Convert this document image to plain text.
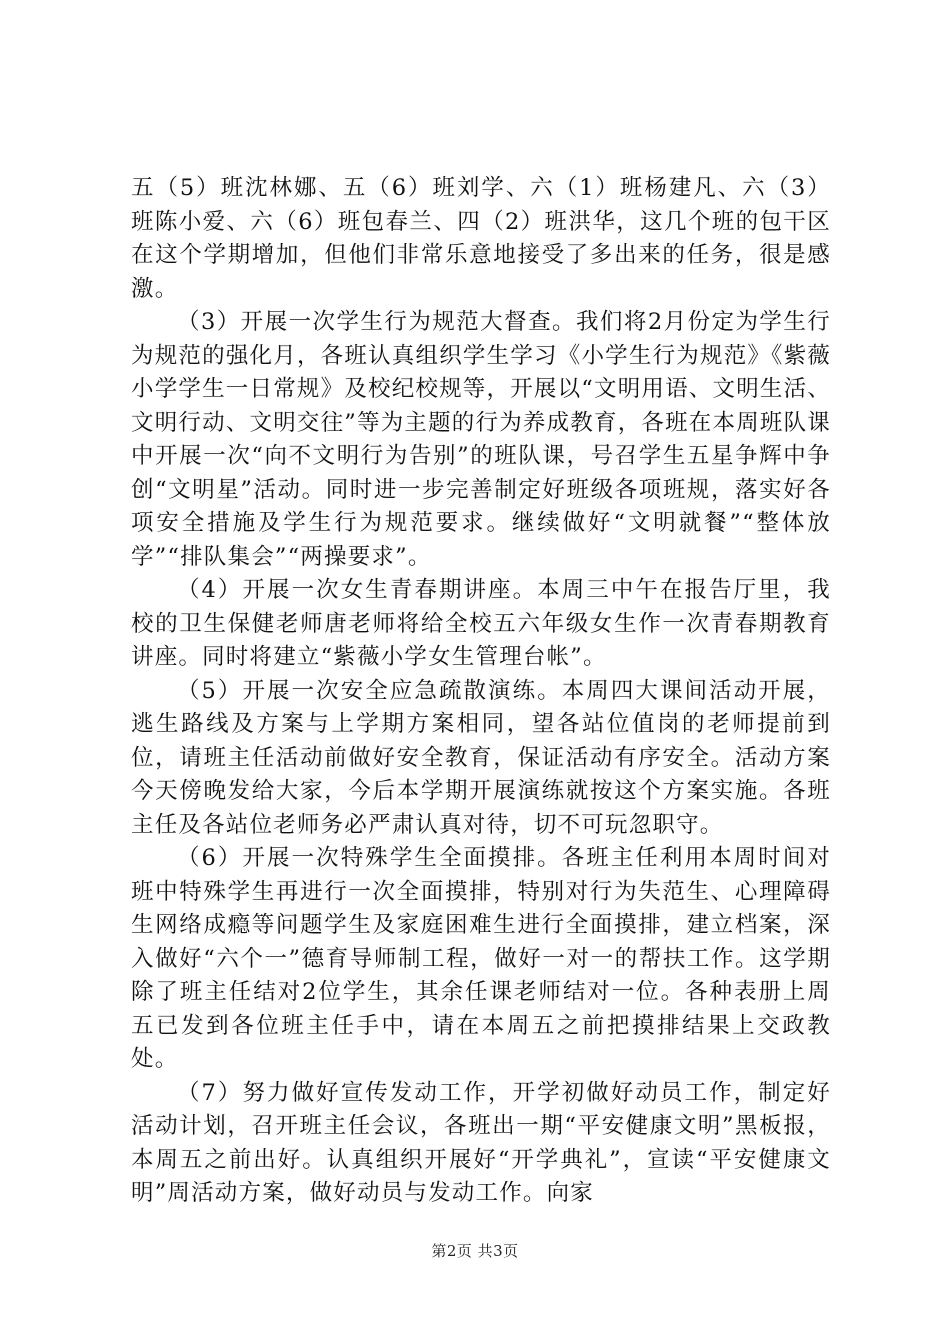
五（5）班沈林娜、五（6）班刘学、六（1）班杨建凡、六（3）班陈小爱、六（6）班包春兰、四（2）班洪华，这几个班的包干区在这个学期增加，但他们非常乐意地接受了多出来的任务，很是感激。

（3）开展一次学生行为规范大督查。我们将2月份定为学生行为规范的强化月，各班认真组织学生学习《小学生行为规范》《紫薇小学学生一日常规》及校纪校规等，开展以“文明用语、文明生活、文明行动、文明交往”等为主题的行为养成教育，各班在本周班队课中开展一次“向不文明行为告别”的班队课，号召学生五星争辉中争创“文明星”活动。同时进一步完善制定好班级各项班规，落实好各项安全措施及学生行为规范要求。继续做好“文明就餐”“整体放学”“排队集会”“两操要求”。

（4）开展一次女生青春期讲座。本周三中午在报告厅里，我校的卫生保健老师唐老师将给全校五六年级女生作一次青春期教育讲座。同时将建立“紫薇小学女生管理台帐”。

（5）开展一次安全应急疏散演练。本周四大课间活动开展，逃生路线及方案与上学期方案相同，望各站位值岗的老师提前到位，请班主任活动前做好安全教育，保证活动有序安全。活动方案今天傍晚发给大家，今后本学期开展演练就按这个方案实施。各班主任及各站位老师务必严肃认真对待，切不可玩忽职守。

（6）开展一次特殊学生全面摸排。各班主任利用本周时间对班中特殊学生再进行一次全面摸排，特别对行为失范生、心理障碍生网络成瘾等问题学生及家庭困难生进行全面摸排，建立档案，深入做好“六个一”德育导师制工程，做好一对一的帮扶工作。这学期除了班主任结对2位学生，其余任课老师结对一位。各种表册上周五已发到各位班主任手中，请在本周五之前把摸排结果上交政教处。

（7）努力做好宣传发动工作，开学初做好动员工作，制定好活动计划，召开班主任会议，各班出一期“平安健康文明”黑板报，本周五之前出好。认真组织开展好“开学典礼”，宣读“平安健康文明”周活动方案，做好动员与发动工作。向家

第2页 共3页
